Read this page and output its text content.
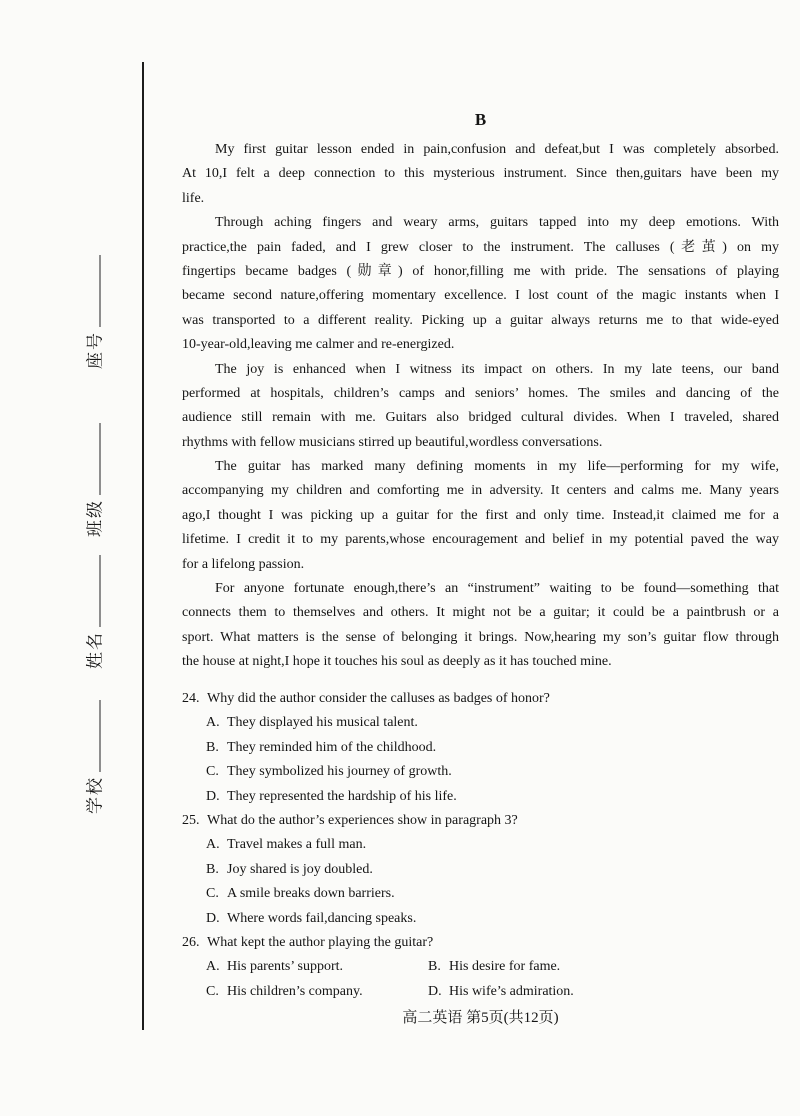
座号
班级
姓名
学校
B
My first guitar lesson ended in pain,confusion and defeat,but I was completely absorbed.
At 10,I felt a deep connection to this mysterious instrument. Since then,guitars have been my
life.
Through aching fingers and weary arms, guitars tapped into my deep emotions. With
practice,the pain faded, and I grew closer to the instrument. The calluses (老茧) on my
fingertips became badges (勋章) of honor,filling me with pride. The sensations of playing
became second nature,offering momentary excellence. I lost count of the magic instants when I
was transported to a different reality. Picking up a guitar always returns me to that wide-eyed
10-year-old,leaving me calmer and re-energized.
The joy is enhanced when I witness its impact on others. In my late teens, our band
performed at hospitals, children’s camps and seniors’ homes. The smiles and dancing of the
audience still remain with me. Guitars also bridged cultural divides. When I traveled, shared
rhythms with fellow musicians stirred up beautiful,wordless conversations.
The guitar has marked many defining moments in my life—performing for my wife,
accompanying my children and comforting me in adversity. It centers and calms me. Many years
ago,I thought I was picking up a guitar for the first and only time. Instead,it claimed me for a
lifetime. I credit it to my parents,whose encouragement and belief in my potential paved the way
for a lifelong passion.
For anyone fortunate enough,there’s an “instrument” waiting to be found—something that
connects them to themselves and others. It might not be a guitar; it could be a paintbrush or a
sport. What matters is the sense of belonging it brings. Now,hearing my son’s guitar flow through
the house at night,I hope it touches his soul as deeply as it has touched mine.
24. Why did the author consider the calluses as badges of honor?
A. They displayed his musical talent.
B. They reminded him of the childhood.
C. They symbolized his journey of growth.
D. They represented the hardship of his life.
25. What do the author’s experiences show in paragraph 3?
A. Travel makes a full man.
B. Joy shared is joy doubled.
C. A smile breaks down barriers.
D. Where words fail,dancing speaks.
26. What kept the author playing the guitar?
A. His parents’ support.	B. His desire for fame.
C. His children’s company.	D. His wife’s admiration.
高二英语 第5页(共12页)
